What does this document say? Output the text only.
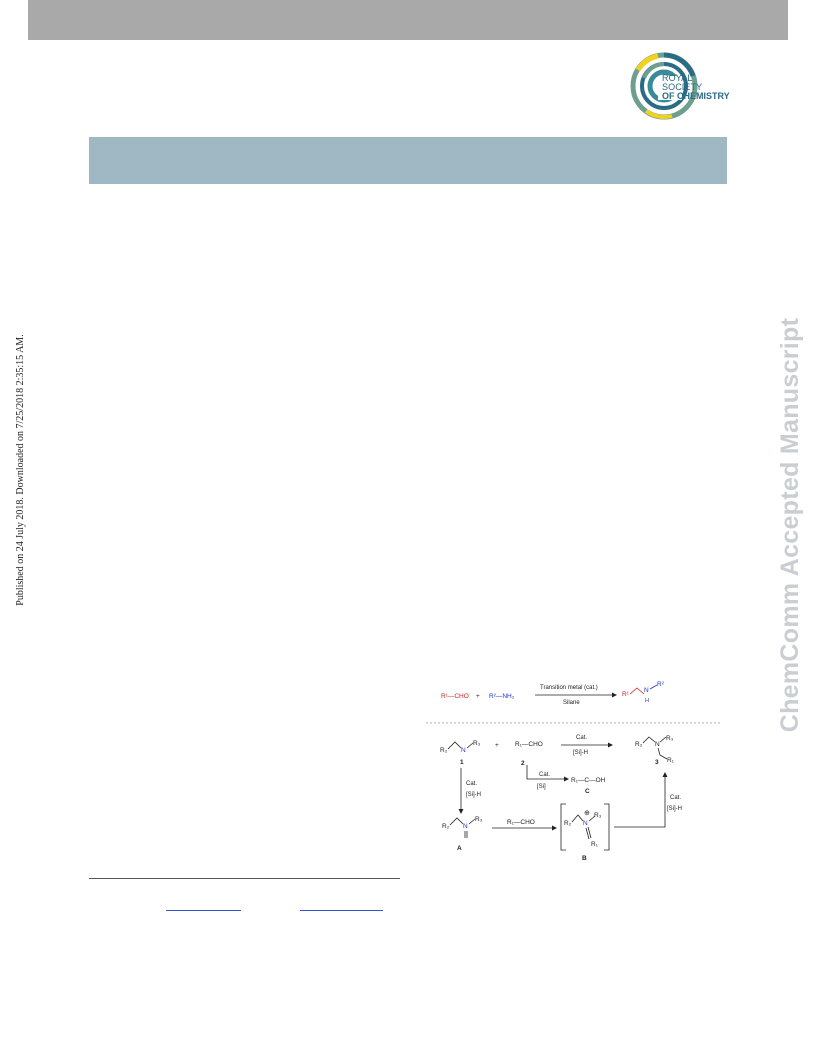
ROYAL SOCIETY
OF CHEMISTRY
Published on 24 July 2018. Downloaded on 7/25/2018 2:35:15 AM.	ChemComm Accepted Manuscript
R¹—CHO + R²—NH₂
Transition metal (cat.)
Silane
R¹
N
H
R²
R₂ N
R₃
1
+ R₁—CHO
2
Cat.
[Si]-H
R₂ N
R₃
R₁
3
Cat.
[Si]
R₁—C—OH
C
Cat.
[Si]-H
R₂ N
R₃
A
R₁—CHO	R₂ N
⊕ R₃
R₁
B
Cat.
[Si]-H
